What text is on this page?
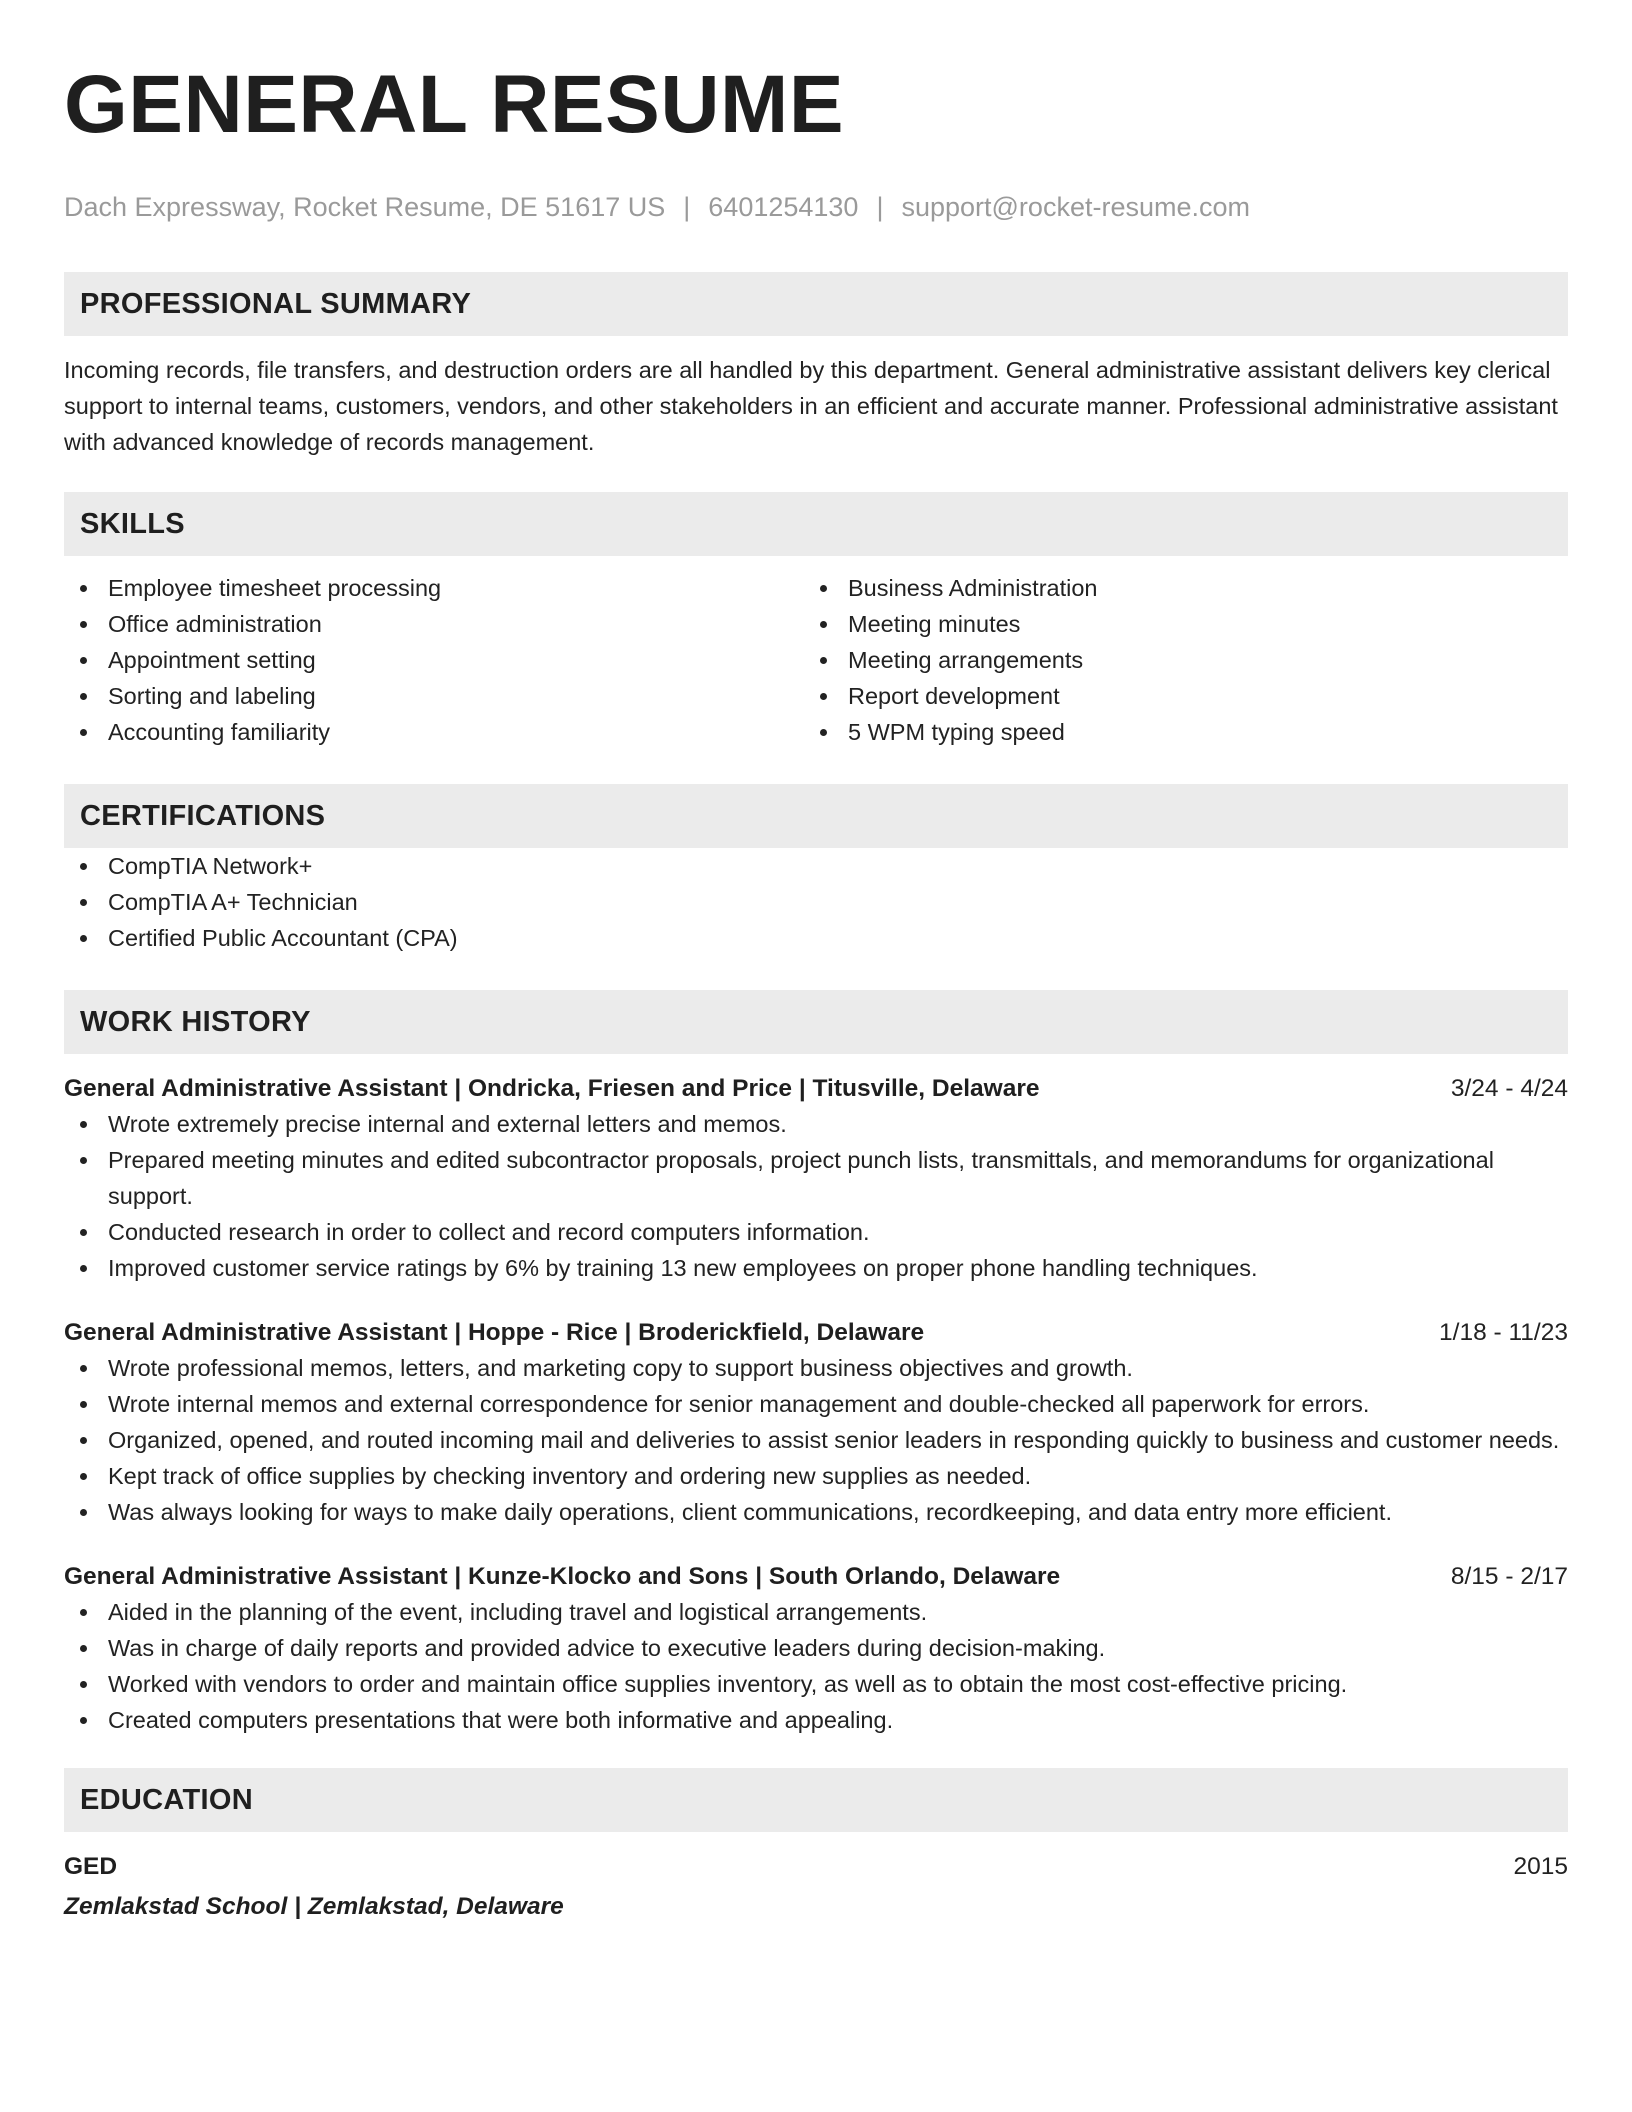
GENERAL RESUME
Dach Expressway, Rocket Resume, DE 51617 US | 6401254130 | support@rocket-resume.com
PROFESSIONAL SUMMARY
Incoming records, file transfers, and destruction orders are all handled by this department. General administrative assistant delivers key clerical support to internal teams, customers, vendors, and other stakeholders in an efficient and accurate manner. Professional administrative assistant with advanced knowledge of records management.
SKILLS
Employee timesheet processing
Office administration
Appointment setting
Sorting and labeling
Accounting familiarity
Business Administration
Meeting minutes
Meeting arrangements
Report development
5 WPM typing speed
CERTIFICATIONS
CompTIA Network+
CompTIA A+ Technician
Certified Public Accountant (CPA)
WORK HISTORY
General Administrative Assistant | Ondricka, Friesen and Price | Titusville, Delaware	3/24 - 4/24
Wrote extremely precise internal and external letters and memos.
Prepared meeting minutes and edited subcontractor proposals, project punch lists, transmittals, and memorandums for organizational support.
Conducted research in order to collect and record computers information.
Improved customer service ratings by 6% by training 13 new employees on proper phone handling techniques.
General Administrative Assistant | Hoppe - Rice | Broderickfield, Delaware	1/18 - 11/23
Wrote professional memos, letters, and marketing copy to support business objectives and growth.
Wrote internal memos and external correspondence for senior management and double-checked all paperwork for errors.
Organized, opened, and routed incoming mail and deliveries to assist senior leaders in responding quickly to business and customer needs.
Kept track of office supplies by checking inventory and ordering new supplies as needed.
Was always looking for ways to make daily operations, client communications, recordkeeping, and data entry more efficient.
General Administrative Assistant | Kunze-Klocko and Sons | South Orlando, Delaware	8/15 - 2/17
Aided in the planning of the event, including travel and logistical arrangements.
Was in charge of daily reports and provided advice to executive leaders during decision-making.
Worked with vendors to order and maintain office supplies inventory, as well as to obtain the most cost-effective pricing.
Created computers presentations that were both informative and appealing.
EDUCATION
GED	2015
Zemlakstad School | Zemlakstad, Delaware
